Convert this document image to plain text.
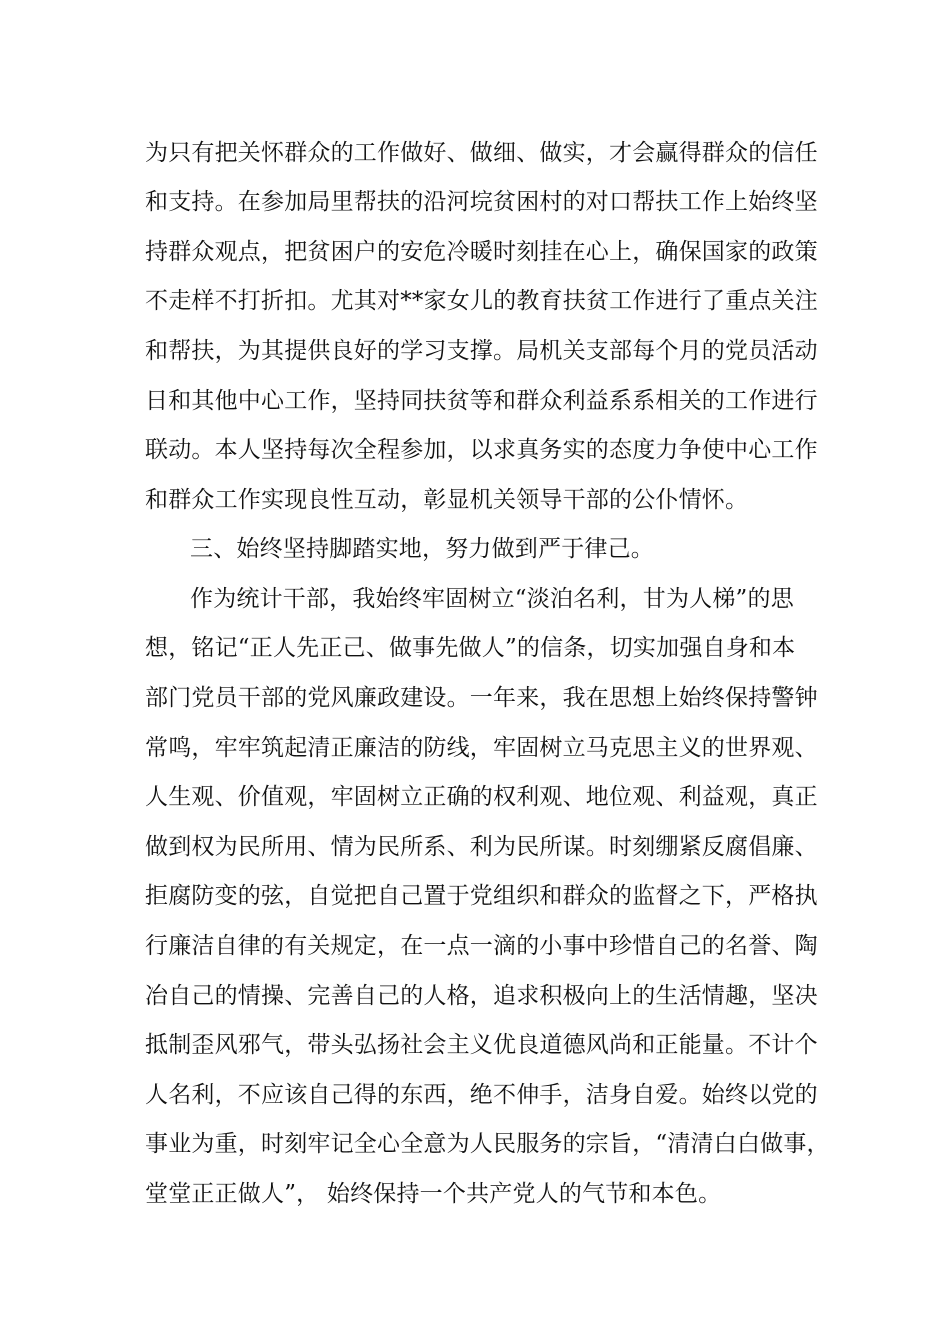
为只有把关怀群众的工作做好、做细、做实，才会赢得群众的信任
和支持。在参加局里帮扶的沿河垸贫困村的对口帮扶工作上始终坚
持群众观点，把贫困户的安危冷暖时刻挂在心上，确保国家的政策
不走样不打折扣。尤其对**家女儿的教育扶贫工作进行了重点关注
和帮扶，为其提供良好的学习支撑。局机关支部每个月的党员活动
日和其他中心工作，坚持同扶贫等和群众利益系系相关的工作进行
联动。本人坚持每次全程参加，以求真务实的态度力争使中心工作
和群众工作实现良性互动，彰显机关领导干部的公仆情怀。
三、始终坚持脚踏实地，努力做到严于律己。
作为统计干部，我始终牢固树立“淡泊名利，甘为人梯”的思
想，铭记“正人先正己、做事先做人”的信条，切实加强自身和本
部门党员干部的党风廉政建设。一年来，我在思想上始终保持警钟
常鸣，牢牢筑起清正廉洁的防线，牢固树立马克思主义的世界观、
人生观、价值观，牢固树立正确的权利观、地位观、利益观，真正
做到权为民所用、情为民所系、利为民所谋。时刻绷紧反腐倡廉、
拒腐防变的弦，自觉把自己置于党组织和群众的监督之下，严格执
行廉洁自律的有关规定，在一点一滴的小事中珍惜自己的名誉、陶
冶自己的情操、完善自己的人格，追求积极向上的生活情趣，坚决
抵制歪风邪气，带头弘扬社会主义优良道德风尚和正能量。不计个
人名利，不应该自己得的东西，绝不伸手，洁身自爱。始终以党的
事业为重，时刻牢记全心全意为人民服务的宗旨，“清清白白做事，
堂堂正正做人”， 始终保持一个共产党人的气节和本色。
